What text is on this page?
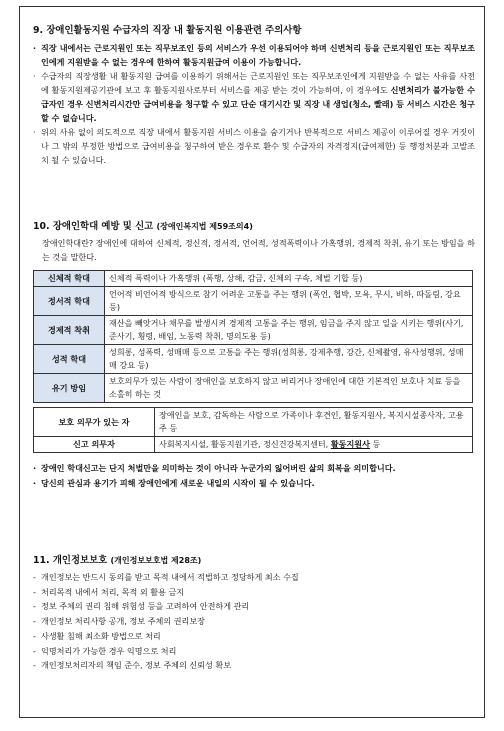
9. 장애인활동지원 수급자의 직장 내 활동지원 이용관련 주의사항
· 직장 내에서는 근로지원인 또는 직무보조인 등의 서비스가 우선 이용되어야 하며 신변처리 등을 근로지원인 또는 직무보조인에게 지원받을 수 없는 경우에 한하여 활동지원급여 이용이 가능합니다.
· 수급자의 직장생활 내 활동지원 급여를 이용하기 위해서는 근로지원인 또는 직무보조인에게 지원받을 수 없는 사유를 사전에 활동지원제공기관에 보고 후 활동지원사로부터 서비스를 제공 받는 것이 가능하며, 이 경우에도 신변처리가 불가능한 수급자인 경우 신변처리시간만 급여비용을 청구할 수 있고 단순 대기시간 및 직장 내 생업(청소, 빨래) 등 서비스 시간은 청구할 수 없습니다.
· 위의 사유 없이 의도적으로 직장 내에서 활동지원 서비스 이용을 숨기거나 반복적으로 서비스 제공이 이루어질 경우 거짓이나 그 밖의 부정한 방법으로 급여비용을 청구하여 받은 경우로 환수 및 수급자의 자격정지(급여제한) 등 행정처분과 고발조치 될 수 있습니다.
10. 장애인학대 예방 및 신고 (장애인복지법 제59조의4)
장애인학대란? 장애인에 대하여 신체적, 정신적, 정서적, 언어적, 성적폭력이나 가혹행위, 경제적 착취, 유기 또는 방임을 하는 것을 말한다.
신체적 학대	신체적 폭력이나 가혹행위 (폭행, 상해, 감금, 신체의 구속, 체벌 기합 등)
정서적 학대	언어적 비언어적 방식으로 참기 어려운 고통을 주는 행위 (폭언, 협박, 모욕, 무시, 비하, 따돌림, 강요 등)
경제적 착취	재산을 빼앗거나 채무를 발생시켜 경제적 고통을 주는 행위, 임금을 주지 않고 일을 시키는 행위(사기, 준사기, 횡령, 배임, 노동력 착취, 명의도용 등)
성적 학대	성희롱, 성폭력, 성매매 등으로 고통을 주는 행위(성희롱, 강제추행, 강간, 신체촬영, 유사성행위, 성매매 강요 등)
유기 방임	보호의무가 있는 사람이 장애인을 보호하지 않고 버리거나 장애인에 대한 기본적인 보호나 치료 등을 소홀히 하는 것
보호 의무가 있는 자	장애인을 보호, 감독하는 사람으로 가족이나 후견인, 활동지원사, 복지시설종사자, 고용주 등
신고 의무자	사회복지시설, 활동지원기관, 정신건강복지센터, 활동지원사 등
· 장애인 학대신고는 단지 처벌만을 의미하는 것이 아니라 누군가의 잃어버린 삶의 회복을 의미합니다.
· 당신의 관심과 용기가 피해 장애인에게 새로운 내일의 시작이 될 수 있습니다.
11. 개인정보보호 (개인정보보호법 제28조)
- 개인정보는 반드시 동의를 받고 목적 내에서 적법하고 정당하게 최소 수집
- 처리목적 내에서 처리, 목적 외 활용 금지
- 정보 주체의 권리 침해 위험성 등을 고려하여 안전하게 관리
- 개인정보 처리사항 공개, 정보 주체의 권리보장
- 사생활 침해 최소화 방법으로 처리
- 익명처리가 가능한 경우 익명으로 처리
- 개인정보처리자의 책임 준수, 정보 주체의 신뢰성 확보
